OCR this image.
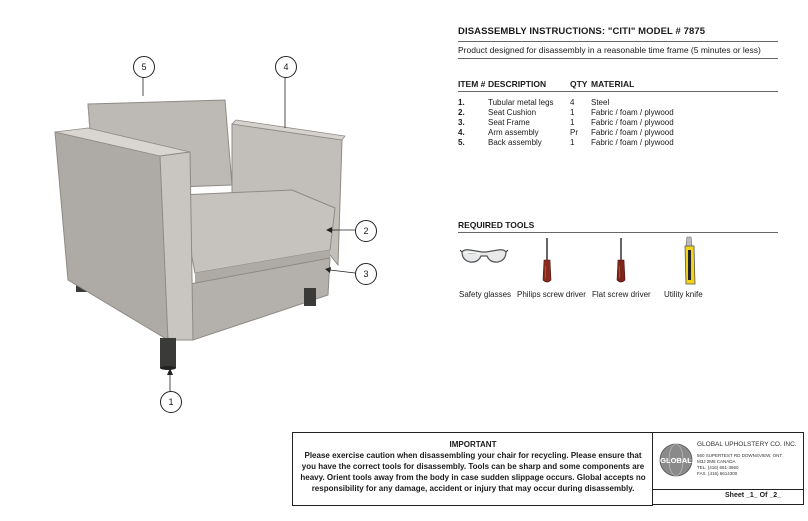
5	4
2
3
1
DISASSEMBLY INSTRUCTIONS: "CITI" MODEL # 7875
Product designed for disassembly in a reasonable time frame (5 minutes or less)
ITEM # DESCRIPTION	QTY MATERIAL
1.	Tubular metal legs 4 Steel
2.	Seat Cushion	1 Fabric / foam / plywood
3.	Seat Frame	1 Fabric / foam / plywood
4.	Arm assembly	Pr Fabric / foam / plywood
5.	Back assembly	1 Fabric / foam / plywood
REQUIRED TOOLS
Safety glasses Philips screw driver Flat screw driver Utility knife
IMPORTANT
Please exercise caution when disassembling your chair for recycling. Please ensure that you have the correct tools for disassembly. Tools can be sharp and some components are heavy. Orient tools away from the body in case sudden slippage occurs. Global accepts no responsibility for any damage, accident or injury that may occur during disassembly.
GLOBAL
GLOBAL UPHOLSTERY CO. INC.
560 SUPERTEST RD DOWNSVIEW, ONT.
M3J 2M6 CANADA
TEL. (416) 661-3660
FAX. (416) 6614300
Sheet _1_ Of _2_
